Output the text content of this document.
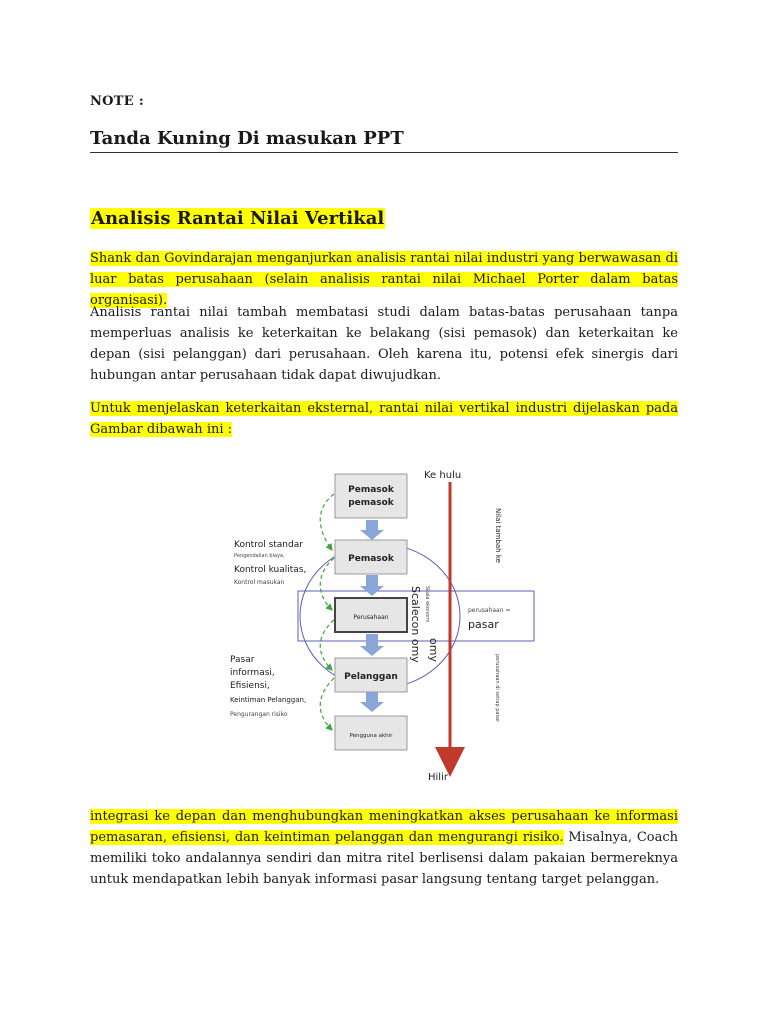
NOTE :
Tanda Kuning Di masukan PPT
Analisis Rantai Nilai Vertikal
Shank dan Govindarajan menganjurkan analisis rantai nilai industri yang berwawasan di luar batas perusahaan (selain analisis rantai nilai Michael Porter dalam batas organisasi).
Analisis rantai nilai tambah membatasi studi dalam batas-batas perusahaan tanpa memperluas analisis ke keterkaitan ke belakang (sisi pemasok) dan keterkaitan ke depan (sisi pelanggan) dari perusahaan. Oleh karena itu, potensi efek sinergis dari hubungan antar perusahaan tidak dapat diwujudkan.
Untuk menjelaskan keterkaitan eksternal, rantai nilai vertikal industri dijelaskan pada Gambar dibawah ini :
integrasi ke depan dan menghubungkan meningkatkan akses perusahaan ke informasi pemasaran, efisiensi, dan keintiman pelanggan dan mengurangi risiko. Misalnya, Coach memiliki toko andalannya sendiri dan mitra ritel berlisensi dalam pakaian bermereknya untuk mendapatkan lebih banyak informasi pasar langsung tentang target pelanggan.
Pemasok
pemasok
Pemasok
Perusahaan
Pelanggan
Pengguna akhir
Kontrol standar
Pengendalian biaya,
Kontrol kualitas,
Kontrol masukan
Pasar
informasi,
Efisiensi,
Keintiman Pelanggan,
Pengurangan risiko
Skala ekonomi
Scalecon omy omy
perusahaan =
pasar
Ke hulu
Hilir
Nilai tambah ke
perusahaan di setiap pasar
